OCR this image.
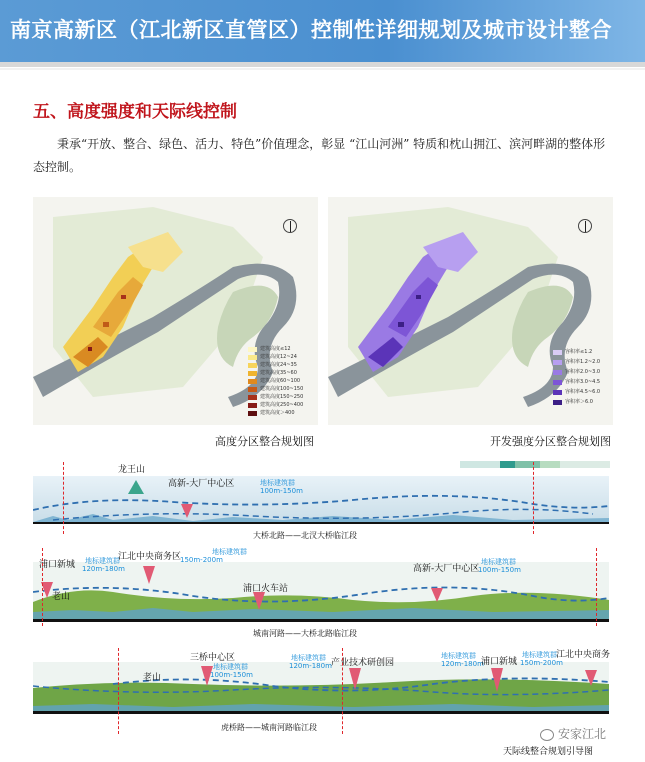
南京高新区（江北新区直管区）控制性详细规划及城市设计整合
五、高度强度和天际线控制
秉承“开放、整合、绿色、活力、特色”价值理念，彰显 “江山河洲” 特质和枕山拥江、滨河畔湖的整体形态控制。
建筑高度≤12
建筑高度12~24
建筑高度24~35
建筑高度35~60
建筑高度60~100
建筑高度100~150
建筑高度150~250
建筑高度250~400
建筑高度＞400
高度分区整合规划图
容积率≤1.2
容积率1.2~2.0
容积率2.0~3.0
容积率3.0~4.5
容积率4.5~6.0
容积率＞6.0
开发强度分区整合规划图
龙王山
高新-大厂中心区	地标建筑群
100m-150m
大桥北路——北汊大桥临江段
浦口新城 地标建筑群
120m-180m
江北中央商务区	地标建筑群
150m-200m
老山
浦口火车站
高新-大厂中心区
地标建筑群
100m-150m
城南河路——大桥北路临江段
三桥中心区
地标建筑群
100m-150m
地标建筑群
120m-180m 产业技术研创园
地标建筑群
120m-180m
浦口新城
地标建筑群
150m-200m
江北中央商务
老山
虎桥路——城南河路临江段
天际线整合规划引导图
安家江北
